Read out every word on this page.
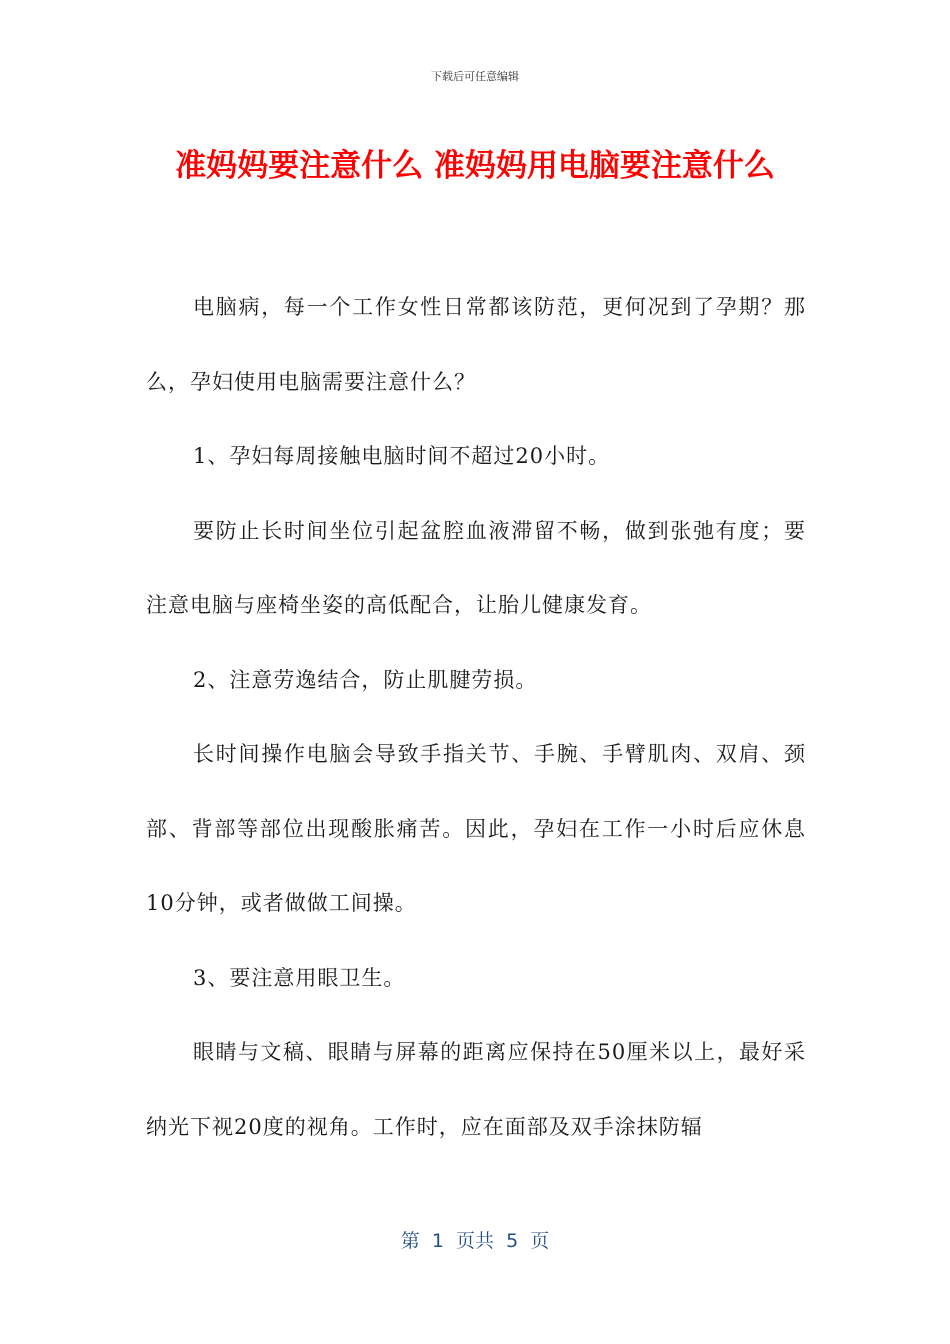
下载后可任意编辑
准妈妈要注意什么 准妈妈用电脑要注意什么

电脑病，每一个工作女性日常都该防范，更何况到了孕期？那么，孕妇使用电脑需要注意什么？

1、孕妇每周接触电脑时间不超过20小时。

要防止长时间坐位引起盆腔血液滞留不畅，做到张弛有度；要注意电脑与座椅坐姿的高低配合，让胎儿健康发育。

2、注意劳逸结合，防止肌腱劳损。

长时间操作电脑会导致手指关节、手腕、手臂肌肉、双肩、颈部、背部等部位出现酸胀痛苦。因此，孕妇在工作一小时后应休息10分钟，或者做做工间操。

3、要注意用眼卫生。

眼睛与文稿、眼睛与屏幕的距离应保持在50厘米以上，最好采纳光下视20度的视角。工作时，应在面部及双手涂抹防辐

第  1  页共  5  页
